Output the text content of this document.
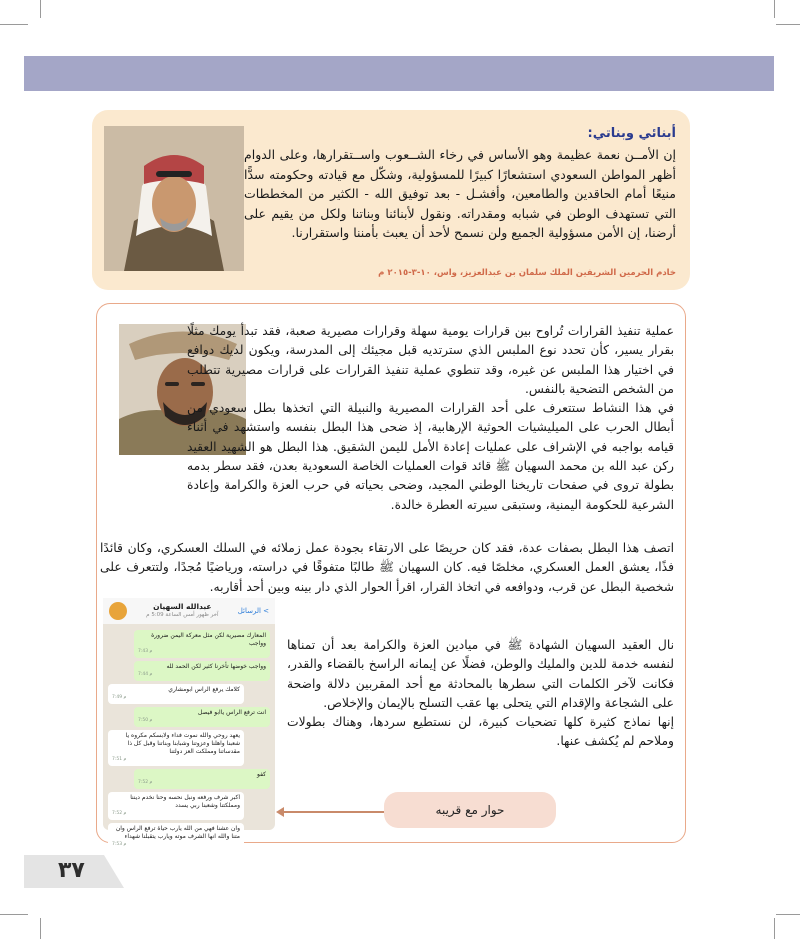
أبنائي وبناتي:
إن الأمــن نعمة عظيمة وهو الأساس في رخاء الشــعوب واســتقرارها، وعلى الدوام أظهر المواطن السعودي استشعارًا كبيرًا للمسؤولية، وشكّل مع قيادته وحكومته سدًّا منيعًا أمام الحاقدين والطامعين، وأفشـل - بعد توفيق الله - الكثير من المخططات التي تستهدف الوطن في شبابه ومقدراته. ونقول لأبنائنا وبناتنا ولكل من يقيم على أرضنا، إن الأمن مسؤولية الجميع ولن نسمح لأحد أن يعبث بأمننا واستقرارنا.
خادم الحرمين الشريفين الملك سلمان بن عبدالعزيز، واس، ١٠-٣-٢٠١٥ م

عملية تنفيذ القرارات تُراوح بين قرارات يومية سهلة وقرارات مصيرية صعبة، فقد تبدأ يومك مثلًا بقرار يسير، كأن تحدد نوع الملبس الذي سترتديه قبل مجيئك إلى المدرسة، ويكون لديك دوافع في اختيار هذا الملبس عن غيره، وقد تنطوي عملية تنفيذ القرارات على قرارات مصيرية تتطلب من الشخص التضحية بالنفس.

في هذا النشاط ستتعرف على أحد القرارات المصيرية والنبيلة التي اتخذها بطل سعودي من أبطال الحرب على الميليشيات الحوثية الإرهابية، إذ ضحى هذا البطل بنفسه واستشهد في أثناء قيامه بواجبه في الإشراف على عمليات إعادة الأمل لليمن الشقيق. هذا البطل هو الشهيد العقيد ركن عبد الله بن محمد السهيان ﷺ قائد قوات العمليات الخاصة السعودية بعدن، فقد سطر بدمه بطولة تروى في صفحات تاريخنا الوطني المجيد، وضحى بحياته في حرب العزة والكرامة وإعادة الشرعية للحكومة اليمنية، وستبقى سيرته العطرة خالدة.

اتصف هذا البطل بصفات عدة، فقد كان حريصًا على الارتقاء بجودة عمل زملائه في السلك العسكري، وكان قائدًا فذًا، يعشق العمل العسكري، مخلصًا فيه. كان السهيان ﷺ طالبًا متفوقًا في دراسته، ورياضيًا مُجدًا، ولتتعرف على شخصية البطل عن قرب، ودوافعه في اتخاذ القرار، اقرأ الحوار الذي دار بينه وبين أحد أقاربه.

نال العقيد السهيان الشهادة ﷺ في ميادين العزة والكرامة بعد أن تمناها لنفسه خدمة للدين والمليك والوطن، فضلًا عن إيمانه الراسخ بالقضاء والقدر، فكانت لآخر الكلمات التي سطرها بالمحادثة مع أحد المقربين دلالة واضحة على الشجاعة والإقدام التي يتحلى بها عقب التسلح بالإيمان والإخلاص.

إنها نماذج كثيرة كلها تضحيات كبيرة، لن نستطيع سردها، وهناك بطولات وملاحم لم يُكشف عنها.

الرسائل <
عبدالله السهيان
آخر ظهور أمس الساعة 5:09 م
المعارك مصيرية لكن مثل معركة اليمن ضرورة وواجب
7:43 م
وواجب خوضها تأخرنا كثير لكن الحمد لله
7:44 م
كلامك يرفع الراس ابومشاري
7:49 م
انت ترفع الراس ياابو فيصل
7:50 م
يعهد روحي والله نموت فداء ولابسكم مكروه يا شعبنا واهلنا وعزوتنا وشبابنا وبناتنا وقبل كل ذا مقدساتنا ومملكت العز دولتنا
7:51 م
كفو
7:52 م
اكبر شرف ورفعه ونبل نحسه وحنا نخدم ديننا ومملكتنا وشعبنا ربي يسدد
7:52 م
وان عشنا فهي من الله يارب حياة ترفع الراس وان متنا والله انها الشرف موته ويارب يتقبلنا شهداء
7:53 م
حوار مع قريبه
٣٧
